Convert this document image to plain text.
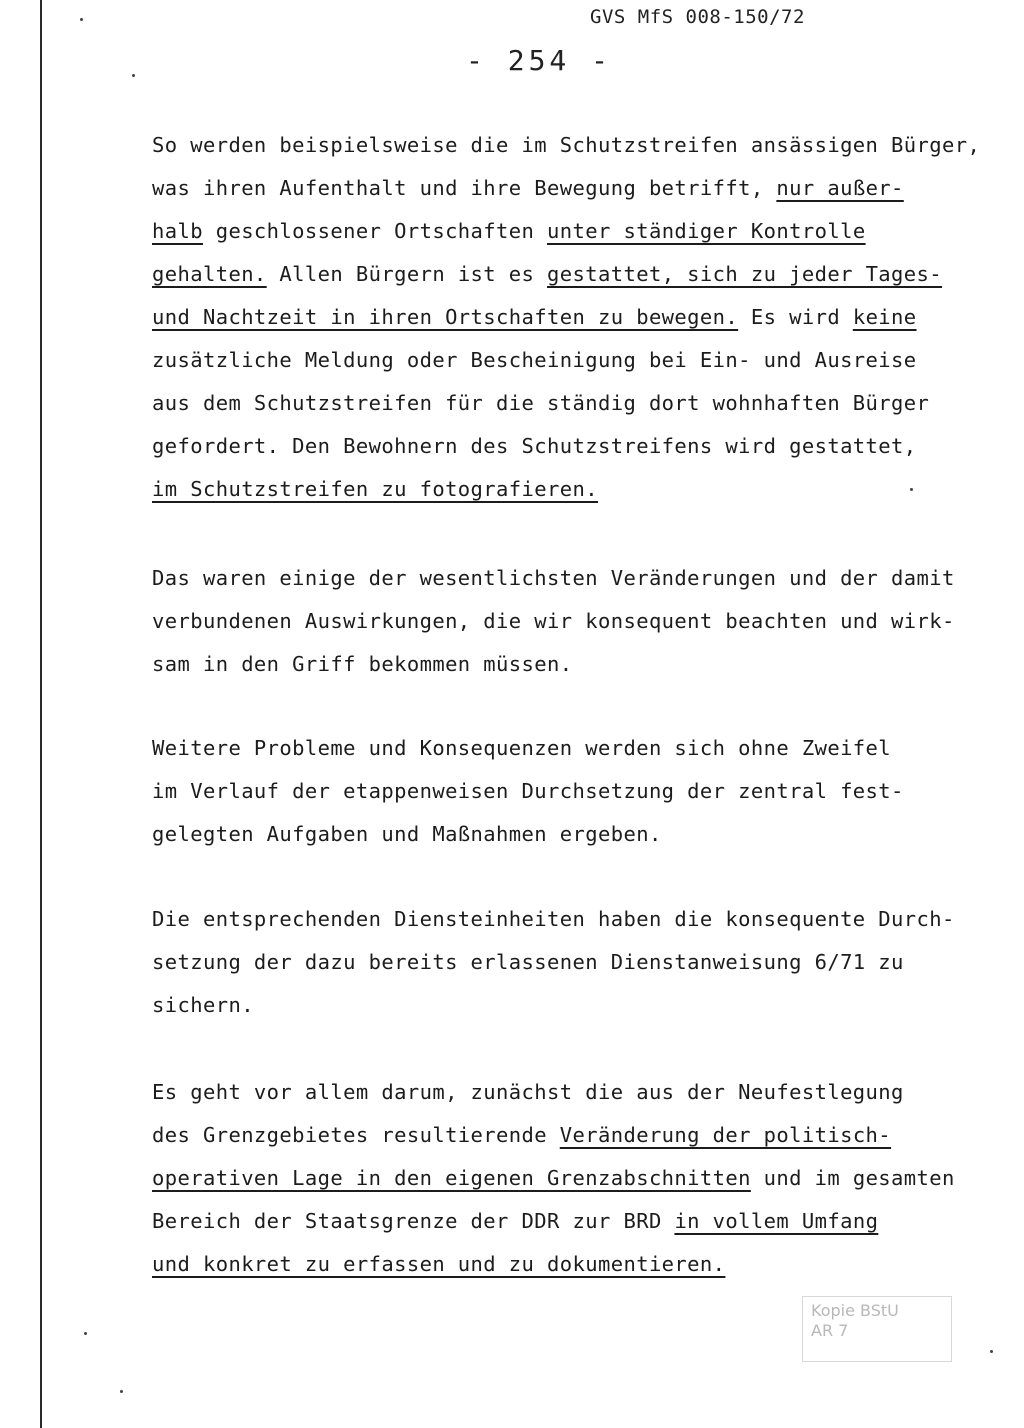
GVS MfS 008-150/72
- 254 -
So werden beispielsweise die im Schutzstreifen ansässigen Bürger,
was ihren Aufenthalt und ihre Bewegung betrifft, nur außer-
halb geschlossener Ortschaften unter ständiger Kontrolle
gehalten. Allen Bürgern ist es gestattet, sich zu jeder Tages-
und Nachtzeit in ihren Ortschaften zu bewegen. Es wird keine
zusätzliche Meldung oder Bescheinigung bei Ein- und Ausreise
aus dem Schutzstreifen für die ständig dort wohnhaften Bürger
gefordert. Den Bewohnern des Schutzstreifens wird gestattet,
im Schutzstreifen zu fotografieren.
Das waren einige der wesentlichsten Veränderungen und der damit
verbundenen Auswirkungen, die wir konsequent beachten und wirk-
sam in den Griff bekommen müssen.
Weitere Probleme und Konsequenzen werden sich ohne Zweifel
im Verlauf der etappenweisen Durchsetzung der zentral fest-
gelegten Aufgaben und Maßnahmen ergeben.
Die entsprechenden Diensteinheiten haben die konsequente Durch-
setzung der dazu bereits erlassenen Dienstanweisung 6/71 zu
sichern.
Es geht vor allem darum, zunächst die aus der Neufestlegung
des Grenzgebietes resultierende Veränderung der politisch-
operativen Lage in den eigenen Grenzabschnitten und im gesamten
Bereich der Staatsgrenze der DDR zur BRD in vollem Umfang
und konkret zu erfassen und zu dokumentieren.
Kopie BStU
AR 7
